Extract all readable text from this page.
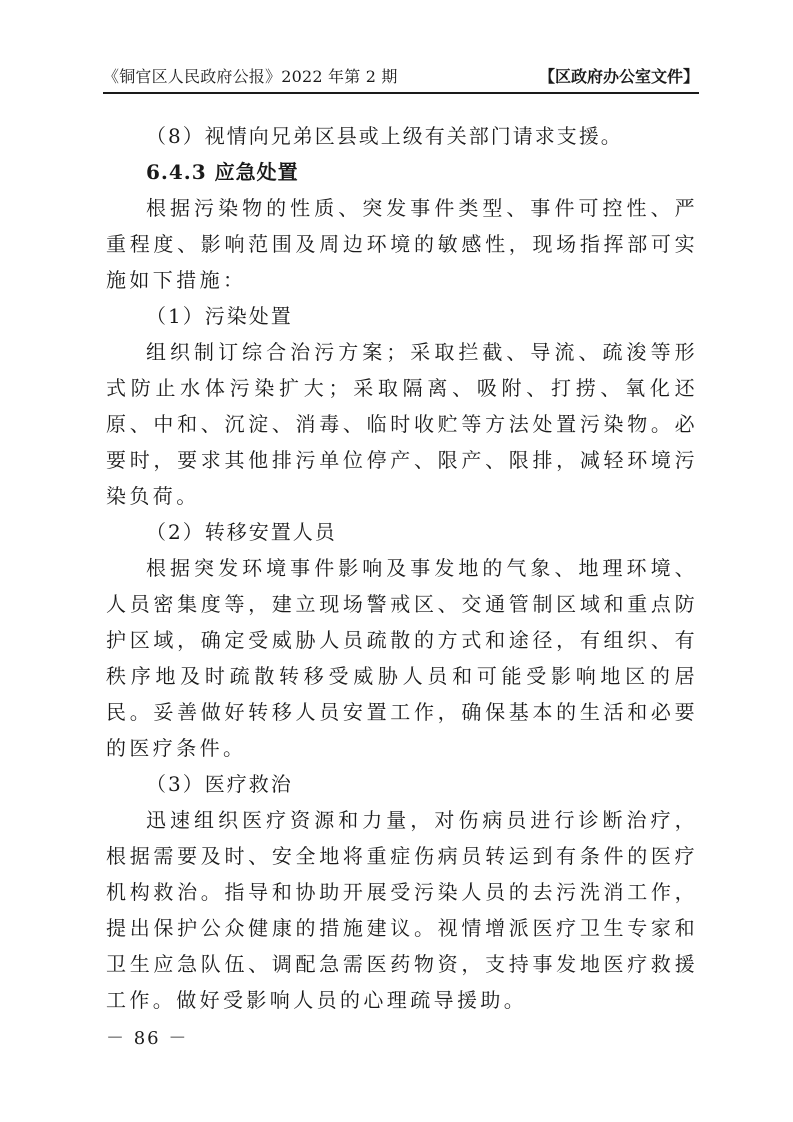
《铜官区人民政府公报》2022 年第 2 期	【区政府办公室文件】

（8）视情向兄弟区县或上级有关部门请求支援。

6.4.3 应急处置

根据污染物的性质、突发事件类型、事件可控性、严重程度、影响范围及周边环境的敏感性，现场指挥部可实施如下措施：

（1）污染处置

组织制订综合治污方案；采取拦截、导流、疏浚等形式防止水体污染扩大；采取隔离、吸附、打捞、氧化还原、中和、沉淀、消毒、临时收贮等方法处置污染物。必要时，要求其他排污单位停产、限产、限排，减轻环境污染负荷。

（2）转移安置人员

根据突发环境事件影响及事发地的气象、地理环境、人员密集度等，建立现场警戒区、交通管制区域和重点防护区域，确定受威胁人员疏散的方式和途径，有组织、有秩序地及时疏散转移受威胁人员和可能受影响地区的居民。妥善做好转移人员安置工作，确保基本的生活和必要的医疗条件。

（3）医疗救治

迅速组织医疗资源和力量，对伤病员进行诊断治疗，根据需要及时、安全地将重症伤病员转运到有条件的医疗机构救治。指导和协助开展受污染人员的去污洗消工作，提出保护公众健康的措施建议。视情增派医疗卫生专家和卫生应急队伍、调配急需医药物资，支持事发地医疗救援工作。做好受影响人员的心理疏导援助。

－ 86 －
